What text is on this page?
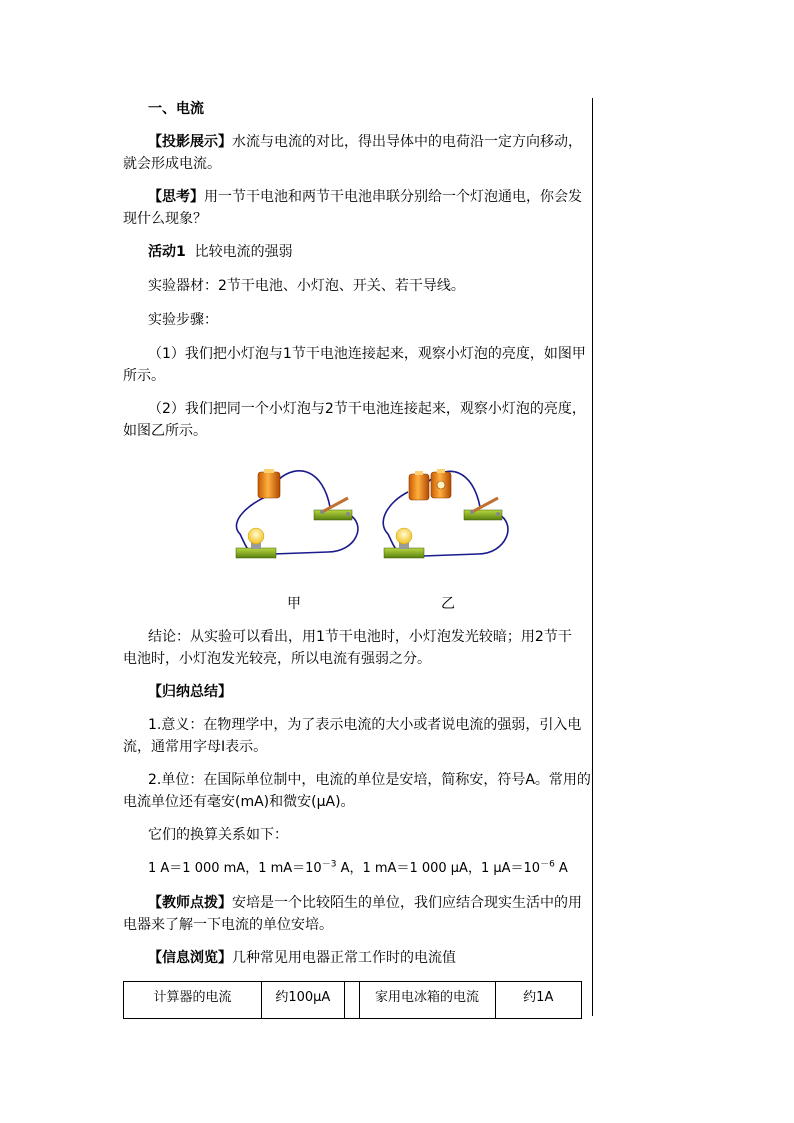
一、电流
【投影展示】水流与电流的对比，得出导体中的电荷沿一定方向移动，
就会形成电流。
【思考】用一节干电池和两节干电池串联分别给一个灯泡通电，你会发
现什么现象？
活动1 比较电流的强弱
实验器材：2节干电池、小灯泡、开关、若干导线。
实验步骤：
（1）我们把小灯泡与1节干电池连接起来，观察小灯泡的亮度，如图甲
所示。
（2）我们把同一个小灯泡与2节干电池连接起来，观察小灯泡的亮度，
如图乙所示。
甲	乙
结论：从实验可以看出，用1节干电池时，小灯泡发光较暗；用2节干
电池时，小灯泡发光较亮，所以电流有强弱之分。
【归纳总结】
1.意义：在物理学中，为了表示电流的大小或者说电流的强弱，引入电
流，通常用字母I表示。
2.单位：在国际单位制中，电流的单位是安培，简称安，符号A。常用的
电流单位还有毫安(mA)和微安(μA)。
它们的换算关系如下：
1 A＝1 000 mA，1 $mA=10^{-3}$ A，1 mA＝1 000 μA，1 $\mu A=10^{-6}$ A
【教师点拨】安培是一个比较陌生的单位，我们应结合现实生活中的用
电器来了解一下电流的单位安培。
【信息浏览】几种常见用电器正常工作时的电流值
计算器的电流	约100μA		家用电冰箱的电流	约1A
